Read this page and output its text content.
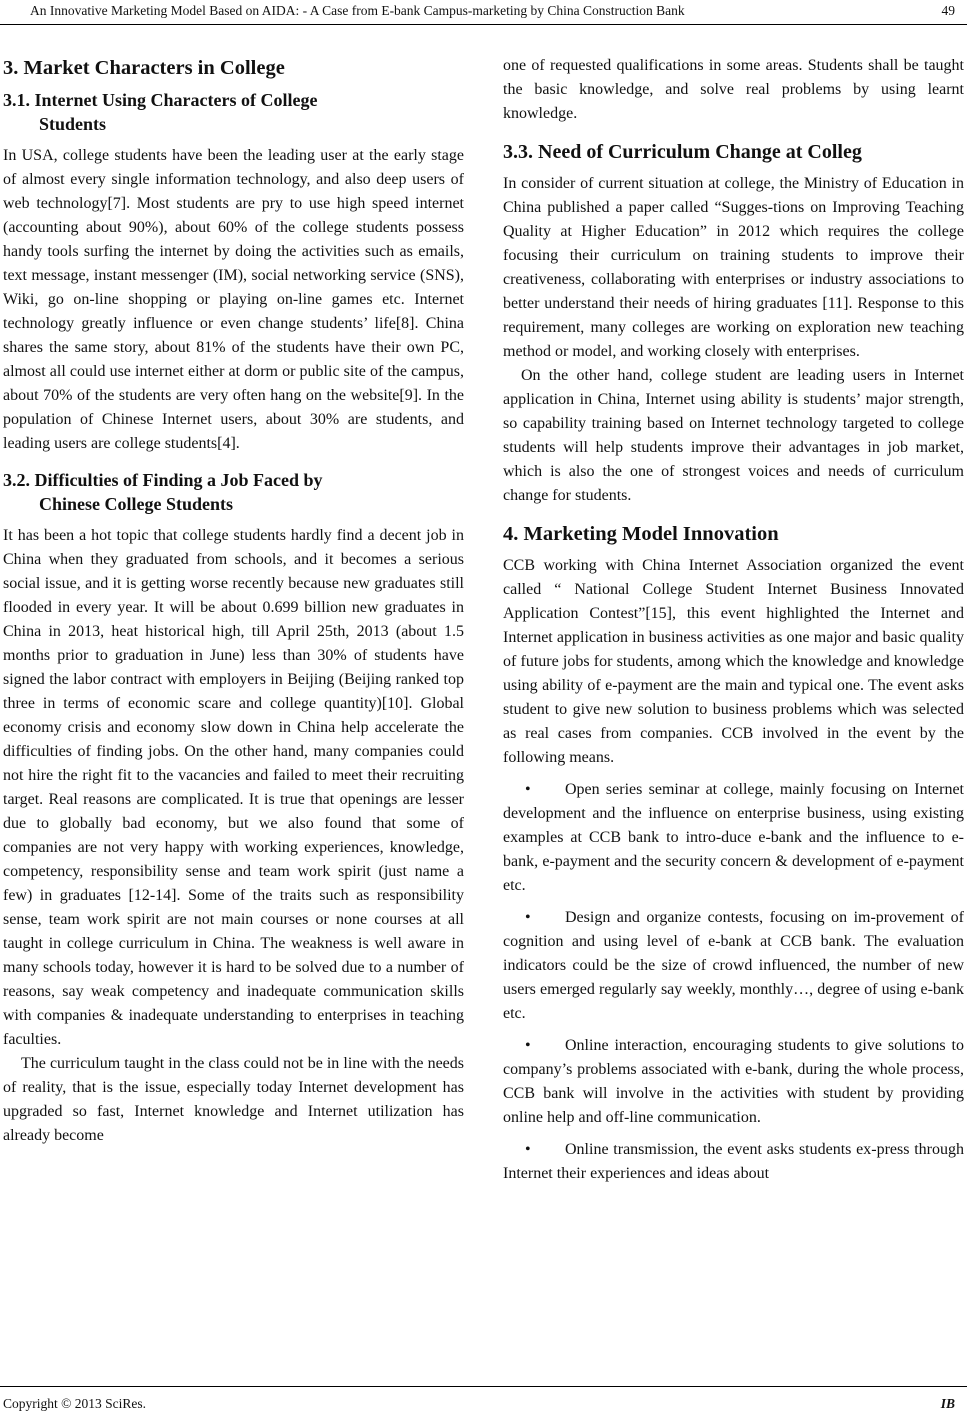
An Innovative Marketing Model Based on AIDA: - A Case from E-bank Campus-marketing by China Construction Bank	49
3. Market Characters in College
3.1. Internet Using Characters of College
Students

In USA, college students have been the leading user at the early stage of almost every single information technology, and also deep users of web technology[7]. Most students are pry to use high speed internet (accounting about 90%), about 60% of the college students possess handy tools surfing the internet by doing the activities such as emails, text message, instant messenger (IM), social networking service (SNS), Wiki, go on-line shopping or playing on-line games etc. Internet technology greatly influence or even change students’ life[8]. China shares the same story, about 81% of the students have their own PC, almost all could use internet either at dorm or public site of the campus, about 70% of the students are very often hang on the website[9]. In the population of Chinese Internet users, about 30% are students, and leading users are college students[4].

3.2. Difficulties of Finding a Job Faced by
Chinese College Students

It has been a hot topic that college students hardly find a decent job in China when they graduated from schools, and it becomes a serious social issue, and it is getting worse recently because new graduates still flooded in every year. It will be about 0.699 billion new graduates in China in 2013, heat historical high, till April 25th, 2013 (about 1.5 months prior to graduation in June) less than 30% of students have signed the labor contract with employers in Beijing (Beijing ranked top three in terms of economic scare and college quantity)[10]. Global economy crisis and economy slow down in China help accelerate the difficulties of finding jobs. On the other hand, many companies could not hire the right fit to the vacancies and failed to meet their recruiting target. Real reasons are complicated. It is true that openings are lesser due to globally bad economy, but we also found that some of companies are not very happy with working experiences, knowledge, competency, responsibility sense and team work spirit (just name a few) in graduates [12-14]. Some of the traits such as responsibility sense, team work spirit are not main courses or none courses at all taught in college curriculum in China. The weakness is well aware in many schools today, however it is hard to be solved due to a number of reasons, say weak competency and inadequate communication skills with companies & inadequate understanding to enterprises in teaching faculties.

The curriculum taught in the class could not be in line with the needs of reality, that is the issue, especially today Internet development has upgraded so fast, Internet knowledge and Internet utilization has already become

one of requested qualifications in some areas. Students shall be taught the basic knowledge, and solve real problems by using learnt knowledge.

3.3. Need of Curriculum Change at Colleg

In consider of current situation at college, the Ministry of Education in China published a paper called “Sugges-tions on Improving Teaching Quality at Higher Education” in 2012 which requires the college focusing their curriculum on training students to improve their creativeness, collaborating with enterprises or industry associations to better understand their needs of hiring graduates [11]. Response to this requirement, many colleges are working on exploration new teaching method or model, and working closely with enterprises.

On the other hand, college student are leading users in Internet application in China, Internet using ability is students’ major strength, so capability training based on Internet technology targeted to college students will help students improve their advantages in job market, which is also the one of strongest voices and needs of curriculum change for students.

4. Marketing Model Innovation

CCB working with China Internet Association organized the event called “ National College Student Internet Business Innovated Application Contest”[15], this event highlighted the Internet and Internet application in business activities as one major and basic quality of future jobs for students, among which the knowledge and knowledge using ability of e-payment are the main and typical one. The event asks student to give new solution to business problems which was selected as real cases from companies. CCB involved in the event by the following means.

• Open series seminar at college, mainly focusing on Internet development and the influence on enterprise business, using existing examples at CCB bank to intro-duce e-bank and the influence to e-bank, e-payment and the security concern & development of e-payment etc.

• Design and organize contests, focusing on im-provement of cognition and using level of e-bank at CCB bank. The evaluation indicators could be the size of crowd influenced, the number of new users emerged regularly say weekly, monthly…, degree of using e-bank etc.

• Online interaction, encouraging students to give solutions to company’s problems associated with e-bank, during the whole process, CCB bank will involve in the activities with student by providing online help and off-line communication.

• Online transmission, the event asks students ex-press through Internet their experiences and ideas about

Copyright © 2013 SciRes.	IB
